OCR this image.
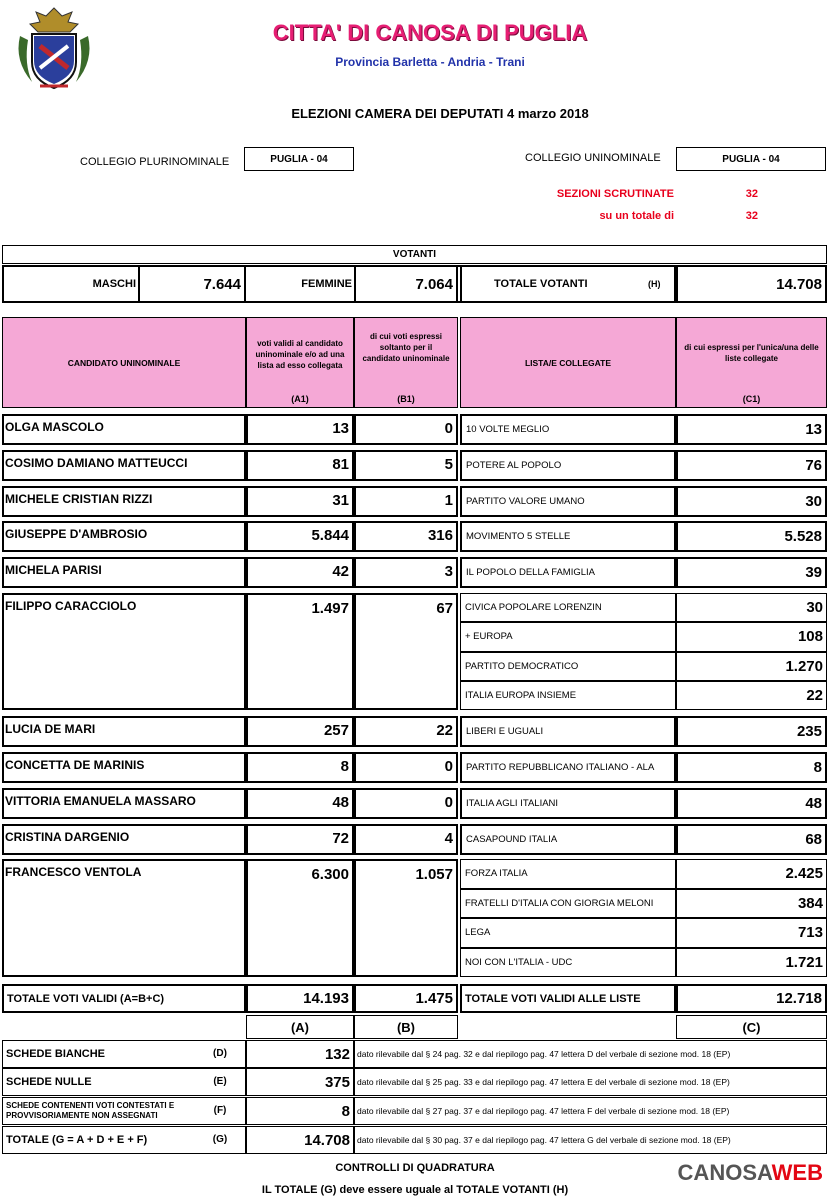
CITTA' DI CANOSA DI PUGLIA
Provincia Barletta - Andria - Trani
ELEZIONI CAMERA DEI DEPUTATI 4 marzo 2018
COLLEGIO PLURINOMINALE	PUGLIA - 04	COLLEGIO UNINOMINALE	PUGLIA - 04
SEZIONI SCRUTINATE	32
su un totale di	32
VOTANTI
MASCHI	7.644	FEMMINE	7.064	TOTALE VOTANTI	(H)	14.708
CANDIDATO UNINOMINALE
voti validi al candidato uninominale e/o ad una lista ad esso collegata
(A1)
di cui voti espressi soltanto per il candidato uninominale
(B1)
LISTA/E COLLEGATE
di cui espressi per l'unica/una delle liste collegate
(C1)
OLGA MASCOLO	13	0	10 VOLTE MEGLIO	13
COSIMO DAMIANO MATTEUCCI	81	5	POTERE AL POPOLO	76
MICHELE CRISTIAN RIZZI	31	1	PARTITO VALORE UMANO	30
GIUSEPPE D'AMBROSIO	5.844	316	MOVIMENTO 5 STELLE	5.528
MICHELA PARISI	42	3	IL POPOLO DELLA FAMIGLIA	39
FILIPPO CARACCIOLO	1.497	67	CIVICA POPOLARE LORENZIN	30
+ EUROPA	108
PARTITO DEMOCRATICO	1.270
ITALIA EUROPA INSIEME	22
LUCIA DE MARI	257	22	LIBERI E UGUALI	235
CONCETTA DE MARINIS	8	0	PARTITO REPUBBLICANO ITALIANO - ALA	8
VITTORIA EMANUELA MASSARO	48	0	ITALIA AGLI ITALIANI	48
CRISTINA DARGENIO	72	4	CASAPOUND ITALIA	68
FRANCESCO VENTOLA	6.300	1.057	FORZA ITALIA	2.425
FRATELLI D'ITALIA CON GIORGIA MELONI	384
LEGA	713
NOI CON L'ITALIA - UDC	1.721
TOTALE VOTI VALIDI (A=B+C)	14.193	1.475	TOTALE VOTI VALIDI ALLE LISTE	12.718
(A)	(B)	(C)
SCHEDE BIANCHE	(D)	132 dato rilevabile dal § 24 pag. 32 e dal riepilogo pag. 47 lettera D del verbale di sezione mod. 18 (EP)
SCHEDE NULLE	(E)	375 dato rilevabile dal § 25 pag. 33 e dal riepilogo pag. 47 lettera E del verbale di sezione mod. 18 (EP)
SCHEDE CONTENENTI VOTI CONTESTATI E PROVVISORIAMENTE NON ASSEGNATI	(F)	8 dato rilevabile dal § 27 pag. 37 e dal riepilogo pag. 47 lettera F del verbale di sezione mod. 18 (EP)
TOTALE (G = A + D + E + F)	(G)	14.708 dato rilevabile dal § 30 pag. 37 e dal riepilogo pag. 47 lettera G del verbale di sezione mod. 18 (EP)
CONTROLLI DI QUADRATURA
IL TOTALE (G) deve essere uguale al TOTALE VOTANTI (H)
CANOSAWEB
